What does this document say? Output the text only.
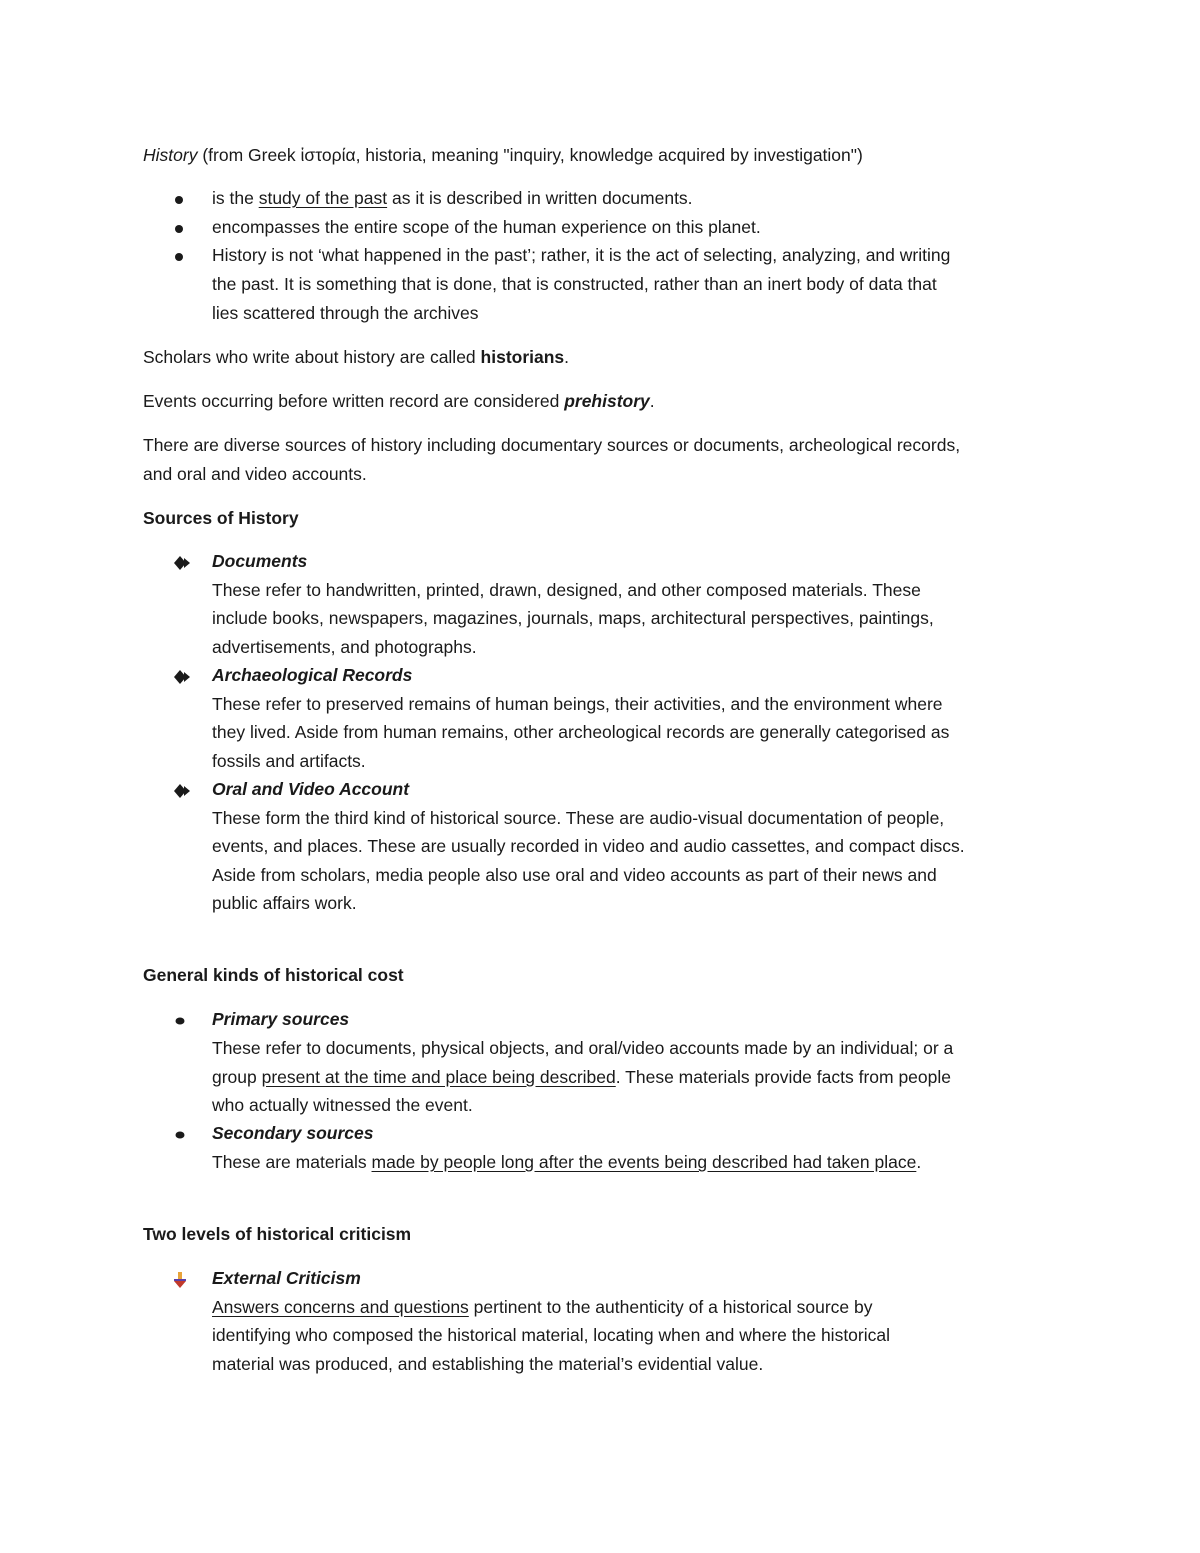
History (from Greek ἱστορία, historia, meaning "inquiry, knowledge acquired by investigation")
is the study of the past as it is described in written documents.
encompasses the entire scope of the human experience on this planet.
History is not ‘what happened in the past’; rather, it is the act of selecting, analyzing, and writing
the past. It is something that is done, that is constructed, rather than an inert body of data that
lies scattered through the archives
Scholars who write about history are called historians.
Events occurring before written record are considered prehistory.
There are diverse sources of history including documentary sources or documents, archeological records,
and oral and video accounts.
Sources of History
Documents
These refer to handwritten, printed, drawn, designed, and other composed materials. These
include books, newspapers, magazines, journals, maps, architectural perspectives, paintings,
advertisements, and photographs.
Archaeological Records
These refer to preserved remains of human beings, their activities, and the environment where
they lived. Aside from human remains, other archeological records are generally categorised as
fossils and artifacts.
Oral and Video Account
These form the third kind of historical source. These are audio-visual documentation of people,
events, and places. These are usually recorded in video and audio cassettes, and compact discs.
Aside from scholars, media people also use oral and video accounts as part of their news and
public affairs work.
General kinds of historical cost
Primary sources
These refer to documents, physical objects, and oral/video accounts made by an individual; or a
group present at the time and place being described. These materials provide facts from people
who actually witnessed the event.
Secondary sources
These are materials made by people long after the events being described had taken place.
Two levels of historical criticism
External Criticism
Answers concerns and questions pertinent to the authenticity of a historical source by
identifying who composed the historical material, locating when and where the historical
material was produced, and establishing the material’s evidential value.
